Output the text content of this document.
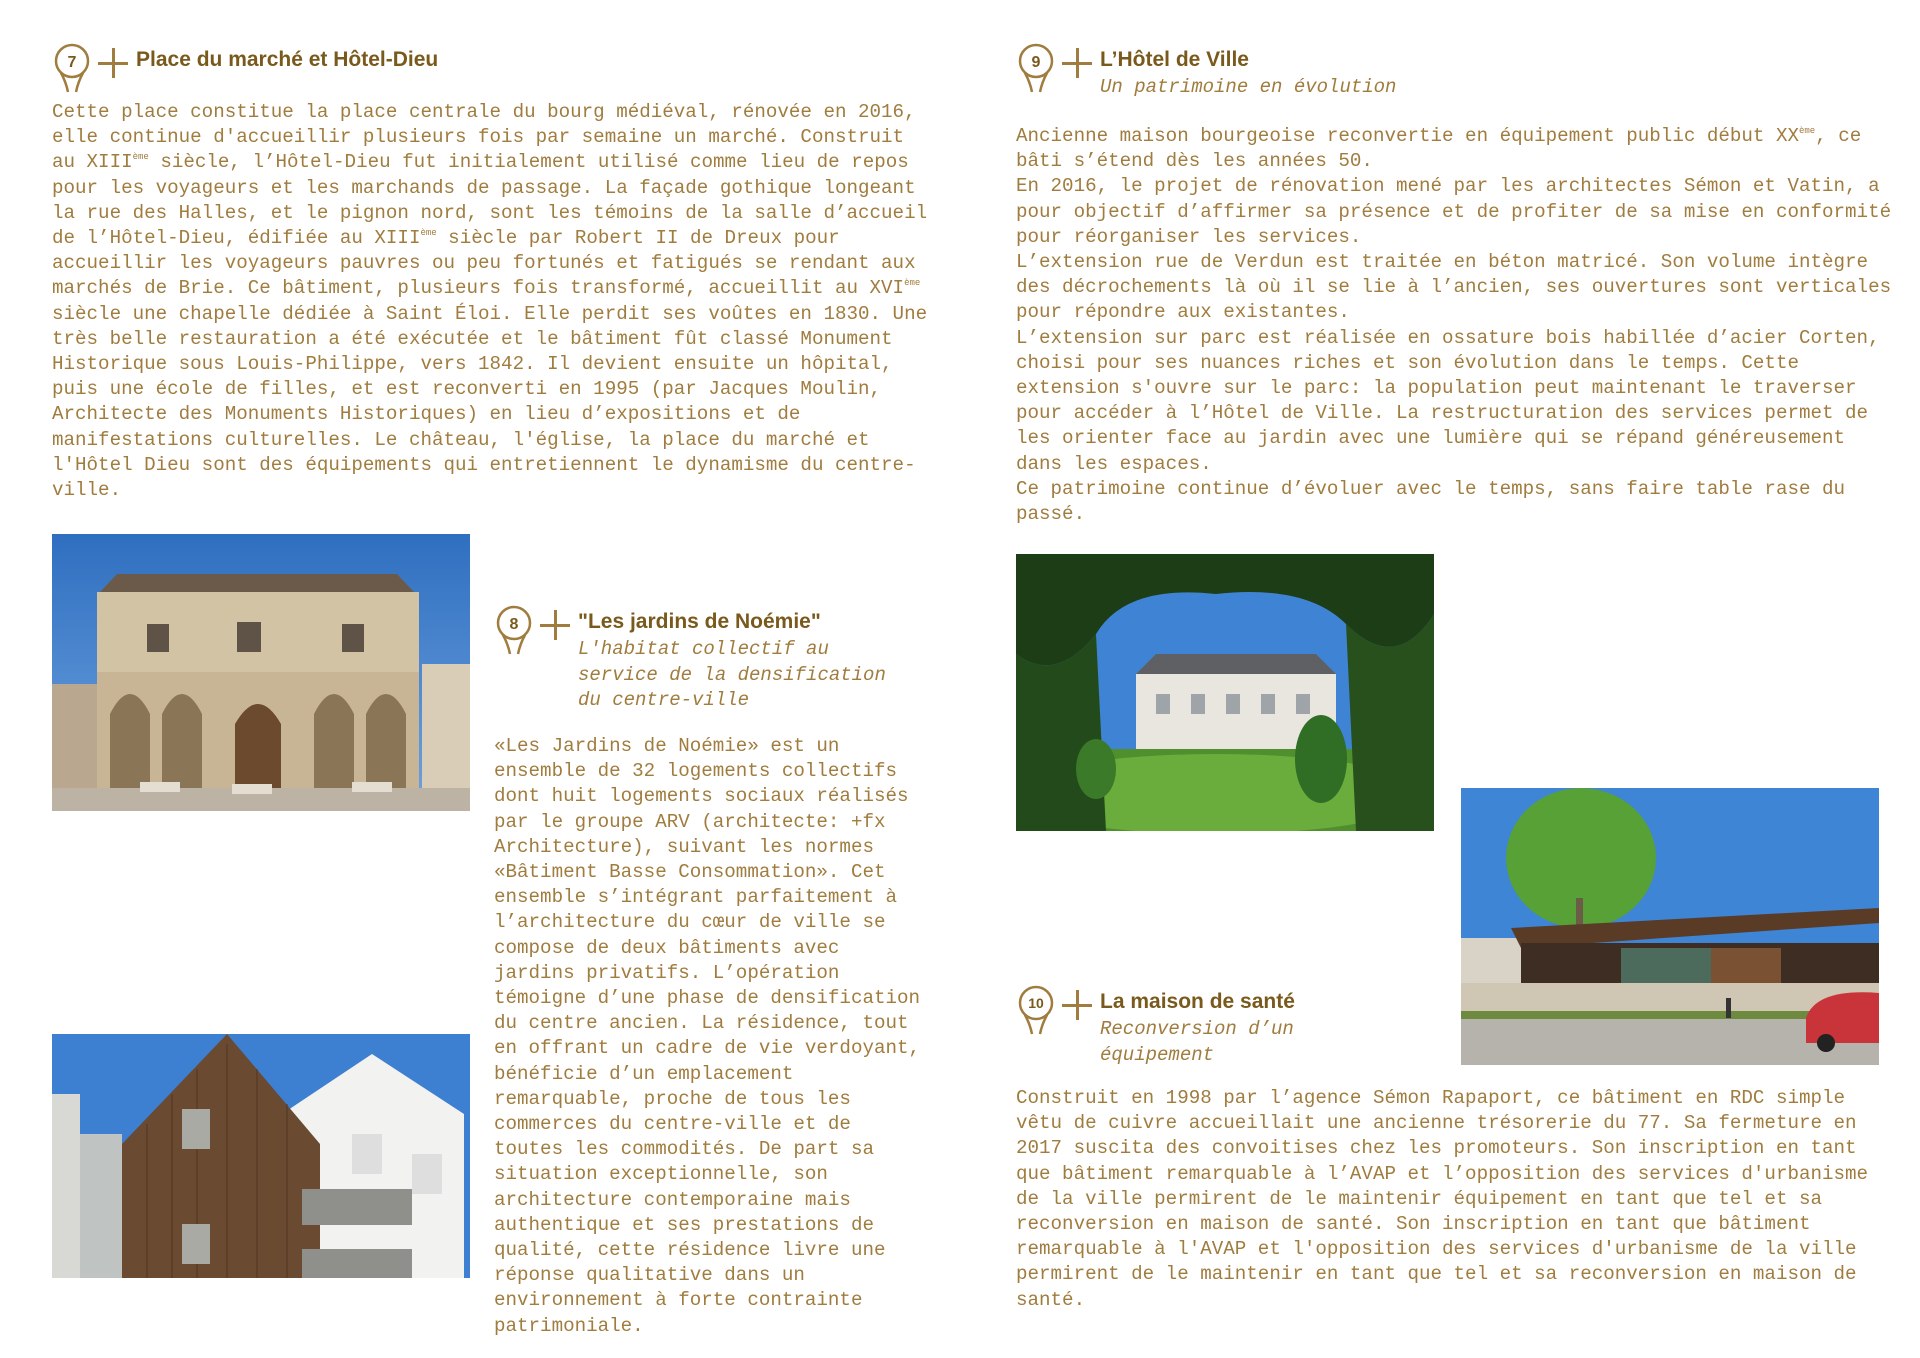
7	Place du marché et Hôtel-Dieu

Cette place constitue la place centrale du bourg médiéval, rénovée en 2016, elle continue d'accueillir plusieurs fois par semaine un marché. Construit au XIIIème siècle, l’Hôtel-Dieu fut initialement utilisé comme lieu de repos pour les voyageurs et les marchands de passage. La façade gothique longeant la rue des Halles, et le pignon nord, sont les témoins de la salle d’accueil de l’Hôtel-Dieu, édifiée au XIIIème siècle par Robert II de Dreux pour accueillir les voyageurs pauvres ou peu fortunés et fatigués se rendant aux marchés de Brie. Ce bâtiment, plusieurs fois transformé, accueillit au XVIème siècle une chapelle dédiée à Saint Éloi. Elle perdit ses voûtes en 1830. Une très belle restauration a été exécutée et le bâtiment fût classé Monument Historique sous Louis-Philippe, vers 1842. Il devient ensuite un hôpital, puis une école de filles, et est reconverti en 1995 (par Jacques Moulin, Architecte des Monuments Historiques) en lieu d’expositions et de manifestations culturelles. Le château, l'église, la place du marché et l'Hôtel Dieu sont des équipements qui entretiennent le dynamisme du centre-ville.

8	"Les jardins de Noémie"

L'habitat collectif au service de la densification du centre-ville

«Les Jardins de Noémie» est un ensemble de 32 logements collectifs dont huit logements sociaux réalisés par le groupe ARV (architecte: +fx Architecture), suivant les normes «Bâtiment Basse Consommation». Cet ensemble s’intégrant parfaitement à l’architecture du cœur de ville se compose de deux bâtiments avec jardins privatifs. L’opération témoigne d’une phase de densification du centre ancien. La résidence, tout en offrant un cadre de vie verdoyant, bénéficie d’un emplacement remarquable, proche de tous les commerces du centre-ville et de toutes les commodités. De part sa situation exceptionnelle, son architecture contemporaine mais authentique et ses prestations de qualité, cette résidence livre une réponse qualitative dans un environnement à forte contrainte patrimoniale.

9	L’Hôtel de Ville

Un patrimoine en évolution

Ancienne maison bourgeoise reconvertie en équipement public début XXème, ce bâti s’étend dès les années 50.

En 2016, le projet de rénovation mené par les architectes Sémon et Vatin, a pour objectif d’affirmer sa présence et de profiter de sa mise en conformité pour réorganiser les services.

L’extension rue de Verdun est traitée en béton matricé. Son volume intègre des décrochements là où il se lie à l’ancien, ses ouvertures sont verticales pour répondre aux existantes.

L’extension sur parc est réalisée en ossature bois habillée d’acier Corten, choisi pour ses nuances riches et son évolution dans le temps. Cette extension s'ouvre sur le parc: la population peut maintenant le traverser pour accéder à l’Hôtel de Ville. La restructuration des services permet de les orienter face au jardin avec une lumière qui se répand généreusement dans les espaces.

Ce patrimoine continue d’évoluer avec le temps, sans faire table rase du passé.

10	La maison de santé

Reconversion d’un équipement

Construit en 1998 par l’agence Sémon Rapaport, ce bâtiment en RDC simple vêtu de cuivre accueillait une ancienne trésorerie du 77. Sa fermeture en 2017 suscita des convoitises chez les promoteurs. Son inscription en tant que bâtiment remarquable à l’AVAP et l’opposition des services d'urbanisme de la ville permirent de le maintenir équipement en tant que tel et sa reconversion en maison de santé. Son inscription en tant que bâtiment remarquable à l'AVAP et l'opposition des services d'urbanisme de la ville permirent de le maintenir en tant que tel et sa reconversion en maison de santé.
